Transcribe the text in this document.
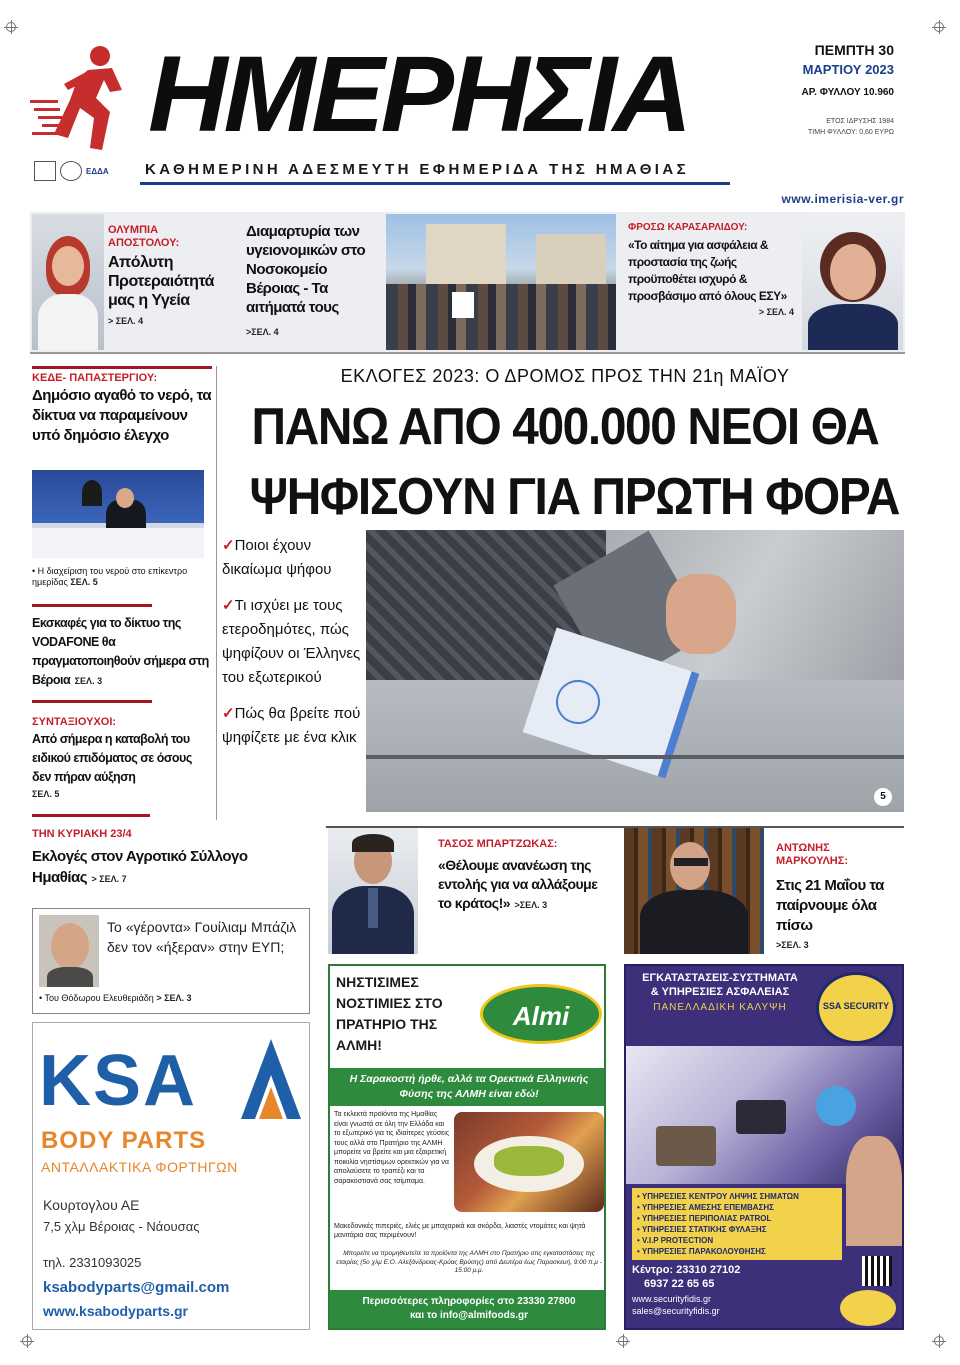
ΗΜΕΡΗΣΙΑ
ΕΔΔΑ ΚΑΘΗΜΕΡΙΝΗ ΑΔΕΣΜΕΥΤΗ ΕΦΗΜΕΡΙΔΑ ΤΗΣ ΗΜΑΘΙΑΣ
ΠΕΜΠΤΗ 30
ΜΑΡΤΙΟΥ 2023
ΑΡ. ΦΥΛΛΟΥ 10.960
ΕΤΟΣ ΙΔΡΥΣΗΣ 1984
ΤΙΜΗ ΦΥΛΛΟΥ: 0,60 ΕΥΡΩ
www.imerisia-ver.gr
ΟΛΥΜΠΙΑ ΑΠΟΣΤΟΛΟΥ:
Απόλυτη Προτεραιότητά μας η Υγεία
> ΣΕΛ. 4
Διαμαρτυρία των υγειονομικών στο Νοσοκομείο Βέροιας - Τα αιτήματά τους
>ΣΕΛ. 4
ΦΡΟΣΩ ΚΑΡΑΣΑΡΛΙΔΟΥ:
«Το αίτημα για ασφάλεια & προστασία της ζωής προϋποθέτει ισχυρό & προσβάσιμο από όλους ΕΣΥ»
> ΣΕΛ. 4
ΚΕΔΕ- ΠΑΠΑΣΤΕΡΓΙΟΥ:
Δημόσιο αγαθό το νερό, τα δίκτυα να παραμείνουν υπό δημόσιο έλεγχο
• Η διαχείριση του νερού στο επίκεντρο ημερίδας ΣΕΛ. 5
Εκσκαφές για το δίκτυο της VODAFONE θα πραγματοποιηθούν σήμερα στη Βέροια ΣΕΛ. 3
ΣΥΝΤΑΞΙΟΥΧΟΙ:
Από σήμερα η καταβολή του ειδικού επιδόματος σε όσους δεν πήραν αύξηση
ΣΕΛ. 5
ΤΗΝ ΚΥΡΙΑΚΗ 23/4
Εκλογές στον Αγροτικό Σύλλογο Ημαθίας > ΣΕΛ. 7
Το «γέροντα» Γουίλιαμ Μπάζιλ δεν τον «ήξεραν» στην ΕΥΠ;
• Του Θόδωρου Ελευθεριάδη > ΣΕΛ. 3
KSA
BODY PARTS
ΑΝΤΑΛΛΑΚΤΙΚΑ ΦΟΡΤΗΓΩΝ
Κουρτογλου ΑΕ
7,5 χλμ Βέροιας - Νάουσας
τηλ. 2331093025
ksabodyparts@gmail.com
www.ksabodyparts.gr
ΕΚΛΟΓΕΣ 2023: Ο ΔΡΟΜΟΣ ΠΡΟΣ ΤΗΝ 21η ΜΑΪΟΥ
ΠΑΝΩ ΑΠΟ 400.000 ΝΕΟΙ ΘΑ
ΨΗΦΙΣΟΥΝ ΓΙΑ ΠΡΩΤΗ ΦΟΡΑ
✓Ποιοι έχουν δικαίωμα ψήφου
✓Τι ισχύει με τους ετεροδημότες, πώς ψηφίζουν οι Έλληνες του εξωτερικού
✓Πώς θα βρείτε πού ψηφίζετε με ένα κλικ
5
ΤΑΣΟΣ ΜΠΑΡΤΖΩΚΑΣ:
«Θέλουμε ανανέωση της εντολής για να αλλάξουμε το κράτος!» >ΣΕΛ. 3
ΑΝΤΩΝΗΣ ΜΑΡΚΟΥΛΗΣ:
Στις 21 Μαΐου τα παίρνουμε όλα πίσω
>ΣΕΛ. 3
ΝΗΣΤΙΣΙΜΕΣ ΝΟΣΤΙΜΙΕΣ ΣΤΟ ΠΡΑΤΗΡΙΟ ΤΗΣ ΑΛΜΗ!
Almi
Η Σαρακοστή ήρθε, αλλά τα Ορεκτικά Ελληνικής Φύσης της ΑΛΜΗ είναι εδώ!
Τα εκλεκτά προϊόντα της Ημαθίας είναι γνωστά σε όλη την Ελλάδα και το εξωτερικό για τις ιδιαίτερες γεύσεις τους αλλά στο Πρατήριο της ΑΛΜΗ μπορείτε να βρείτε και μια εξαιρετική ποικιλία νηστίσιμων ορεκτικών για να απολαύσετε το τραπέζι και τα σαρακοστιανά σας τσίμπαμα.
Μακεδονικές πιπεριές, ελιές με μπαχαρικά και σκόρδα, λιαστές ντομάτες και ψητά μανιτάρια σας περιμένουν!
Μπορείτε να προμηθευτείτε τα προϊόντα της ΑΛΜΗ στο Πρατήριο στις εγκαταστάσεις της εταιρίας (5o χλμ Ε.Ο. Αλεξάνδρειας-Κρύας Βρύσης) από Δευτέρα έως Παρασκευή, 9:00 π.μ - 15:00 μ.μ.
Περισσότερες πληροφορίες στο 23330 27800
και το info@almifoods.gr
ΕΓΚΑΤΑΣΤΑΣΕΙΣ-ΣΥΣΤΗΜΑΤΑ
& ΥΠΗΡΕΣΙΕΣ ΑΣΦΑΛΕΙΑΣ
ΠΑΝΕΛΛΑΔΙΚΗ ΚΑΛΥΨΗ	SSA SECURITY
• ΥΠΗΡΕΣΙΕΣ ΚΕΝΤΡΟΥ ΛΗΨΗΣ ΣΗΜΑΤΩΝ
• ΥΠΗΡΕΣΙΕΣ ΑΜΕΣΗΣ ΕΠΕΜΒΑΣΗΣ
• ΥΠΗΡΕΣΙΕΣ ΠΕΡΙΠΟΛΙΑΣ PATROL
• ΥΠΗΡΕΣΙΕΣ ΣΤΑΤΙΚΗΣ ΦΥΛΑΞΗΣ
• V.I.P PROTECTION
• ΥΠΗΡΕΣΙΕΣ ΠΑΡΑΚΟΛΟΥΘΗΣΗΣ
Κέντρο: 23310 27102
6937 22 65 65
www.securityfidis.gr
sales@securityfidis.gr
